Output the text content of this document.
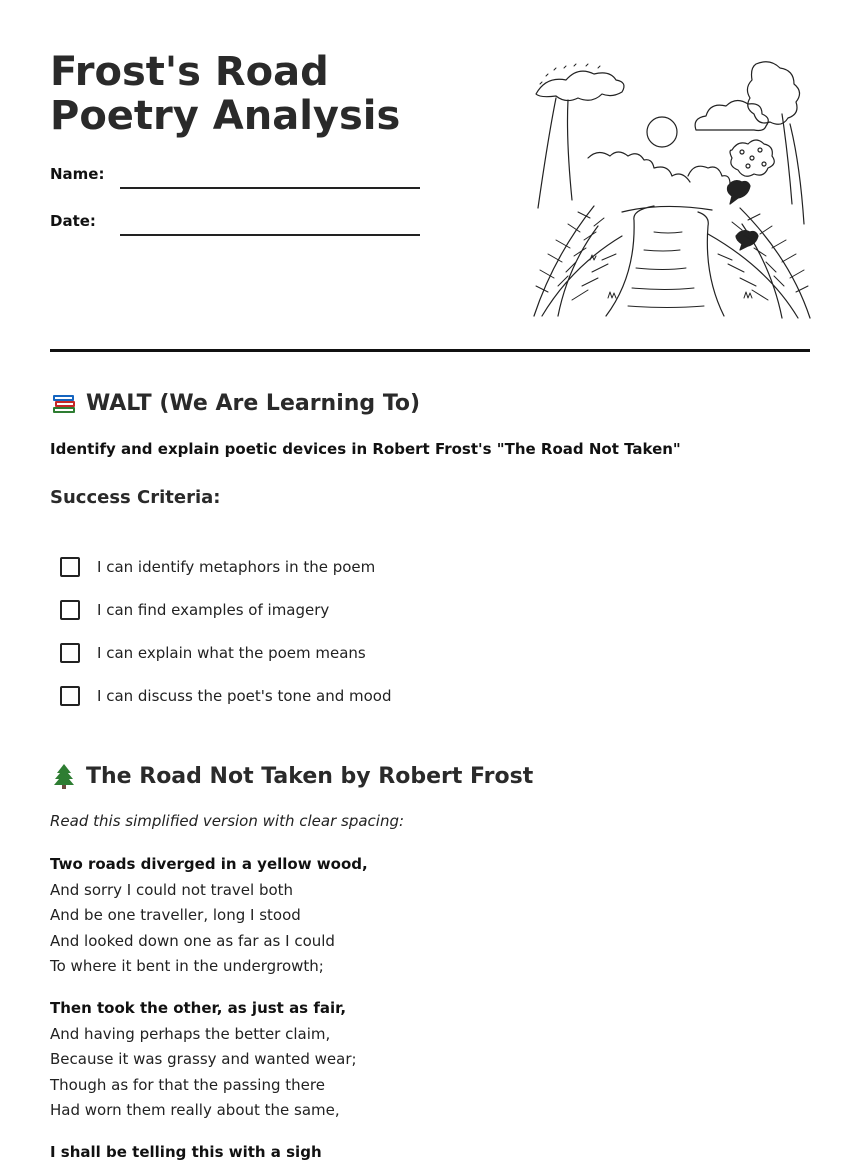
Frost's Road Poetry Analysis
Name:
Date:
WALT (We Are Learning To)
Identify and explain poetic devices in Robert Frost's "The Road Not Taken"
Success Criteria:
I can identify metaphors in the poem
I can find examples of imagery
I can explain what the poem means
I can discuss the poet's tone and mood
The Road Not Taken by Robert Frost
Read this simplified version with clear spacing:
Two roads diverged in a yellow wood,
And sorry I could not travel both
And be one traveller, long I stood
And looked down one as far as I could
To where it bent in the undergrowth;
Then took the other, as just as fair,
And having perhaps the better claim,
Because it was grassy and wanted wear;
Though as for that the passing there
Had worn them really about the same,
I shall be telling this with a sigh
